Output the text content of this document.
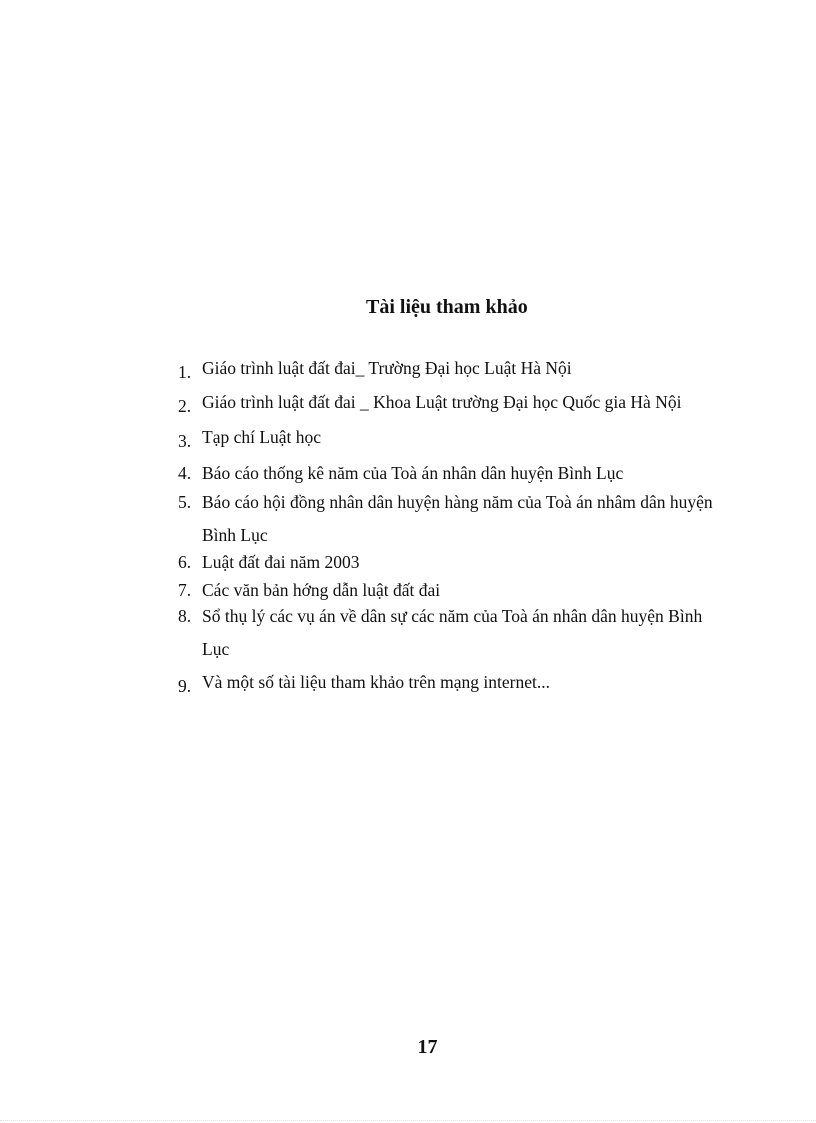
Tài liệu tham khảo
1. Giáo trình luật đất đai_ Trường Đại học Luật Hà Nội
2. Giáo trình luật đất đai _ Khoa Luật trường Đại học Quốc gia Hà Nội
3. Tạp chí Luật học
4. Báo cáo thống kê năm của Toà án nhân dân huyện Bình Lục
5. Báo cáo hội đồng nhân dân huyện hàng năm của Toà án nhâm dân huyện
Bình Lục
6. Luật đất đai năm 2003
7. Các văn bản hớng dẫn luật đất đai
8. Sổ thụ lý các vụ án về dân sự các năm của Toà án nhân dân huyện Bình
Lục
9. Và một số tài liệu tham khảo trên mạng internet...
17
